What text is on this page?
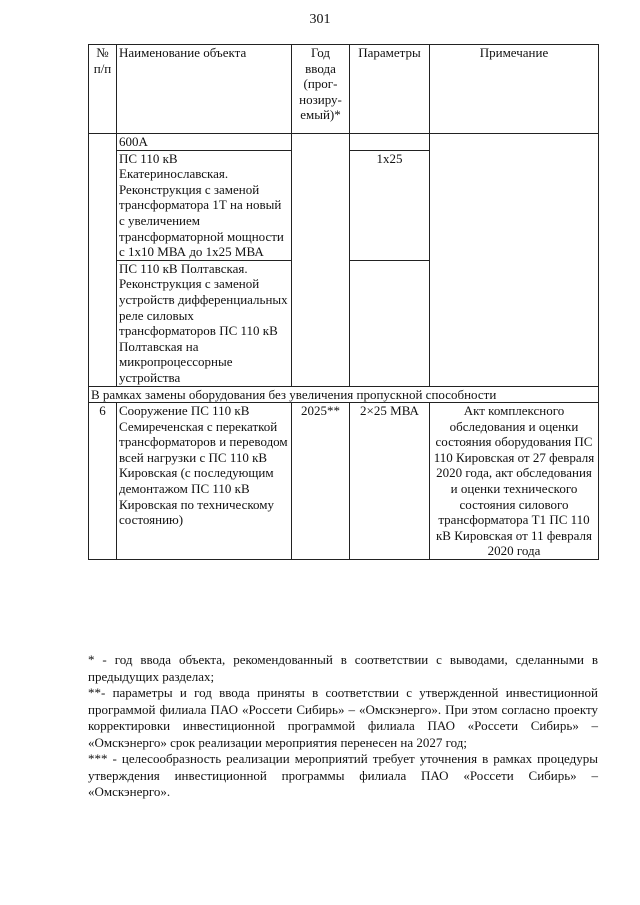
301
№ п/п	Наименование объекта	Год ввода (прог-нозиру-емый)*	Параметры	Примечание
	600А			
	ПС 110 кВ Екатеринославская. Реконструкция с заменой трансформатора 1Т на новый с увеличением трансформаторной мощности с 1х10 МВА до 1х25 МВА		1х25	
	ПС 110 кВ Полтавская. Реконструкция с заменой устройств дифференциальных реле силовых трансформаторов ПС 110 кВ Полтавская на микропроцессорные устройства			
В рамках замены оборудования без увеличения пропускной способности				
6	Сооружение ПС 110 кВ Семиреченская с перекаткой трансформаторов и переводом всей нагрузки с ПС 110 кВ Кировская (с последующим демонтажом ПС 110 кВ Кировская по техническому состоянию)	2025**	2×25 МВА	Акт комплексного обследования и оценки состояния оборудования ПС 110 Кировская от 27 февраля 2020 года, акт обследования и оценки технического состояния силового трансформатора Т1 ПС 110 кВ Кировская от 11 февраля 2020 года

* - год ввода объекта, рекомендованный в соответствии с выводами, сделанными в предыдущих разделах;

**- параметры и год ввода приняты в соответствии с утвержденной инвестиционной программой филиала ПАО «Россети Сибирь» – «Омскэнерго». При этом согласно проекту корректировки инвестиционной программой филиала ПАО «Россети Сибирь» – «Омскэнерго» срок реализации мероприятия перенесен на 2027 год;

*** - целесообразность реализации мероприятий требует уточнения в рамках процедуры утверждения инвестиционной программы филиала ПАО «Россети Сибирь» – «Омскэнерго».
